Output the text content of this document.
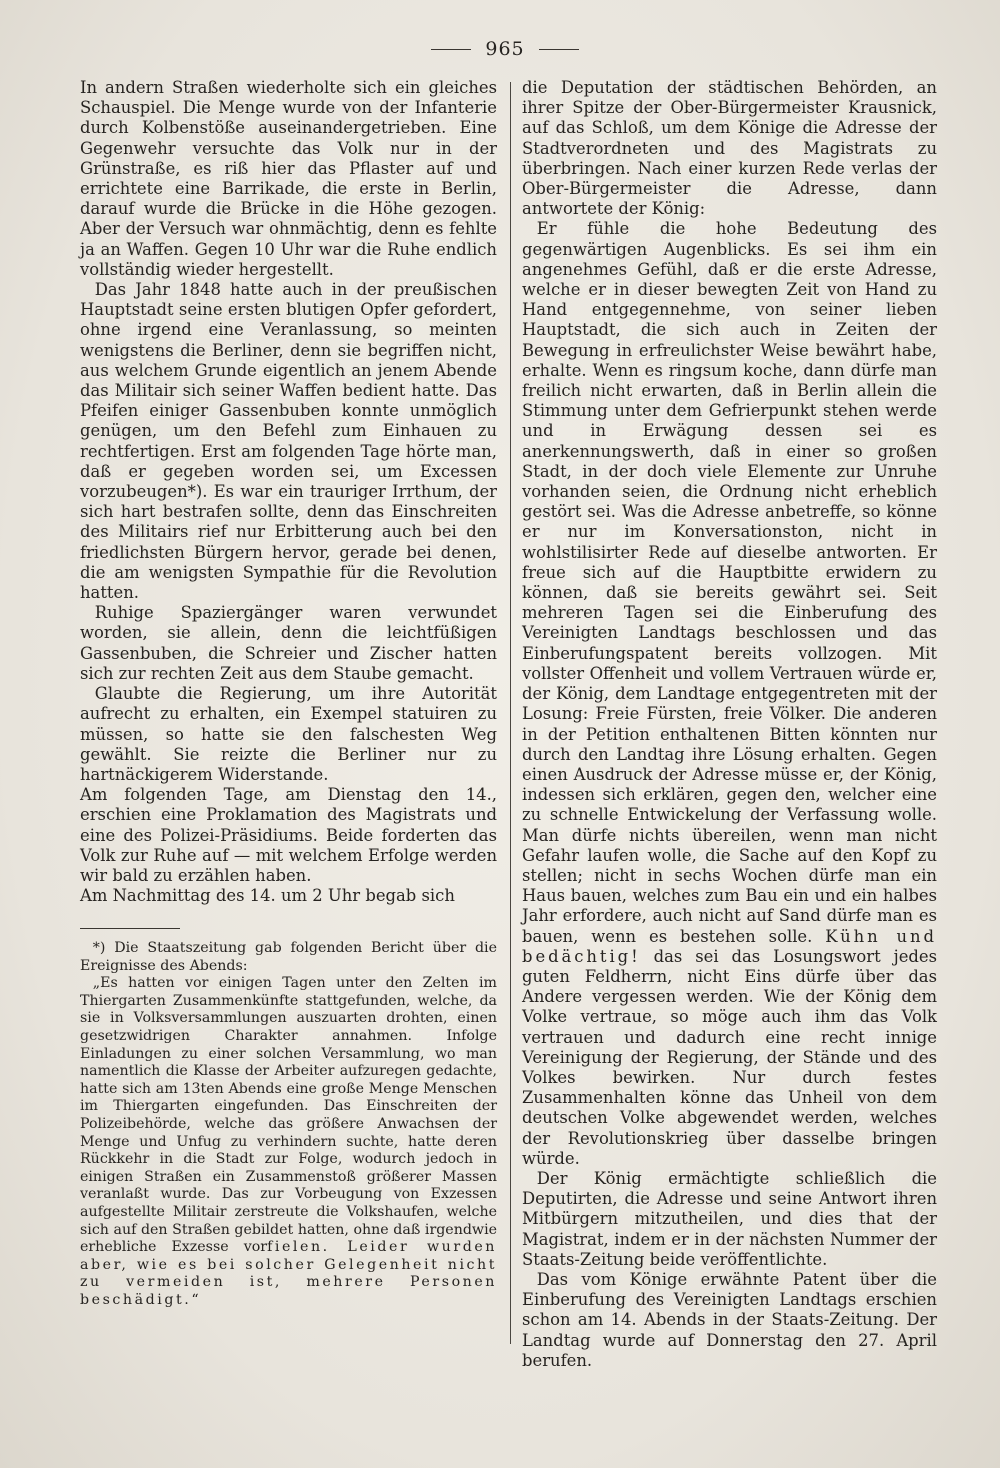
965

In andern Straßen wiederholte sich ein gleiches Schauspiel. Die Menge wurde von der Infanterie durch Kolbenstöße auseinandergetrieben. Eine Gegenwehr versuchte das Volk nur in der Grünstraße, es riß hier das Pflaster auf und errichtete eine Barrikade, die erste in Berlin, darauf wurde die Brücke in die Höhe gezogen. Aber der Versuch war ohnmächtig, denn es fehlte ja an Waffen. Gegen 10 Uhr war die Ruhe endlich vollständig wieder hergestellt.

Das Jahr 1848 hatte auch in der preußischen Hauptstadt seine ersten blutigen Opfer gefordert, ohne irgend eine Veranlassung, so meinten wenigstens die Berliner, denn sie begriffen nicht, aus welchem Grunde eigentlich an jenem Abende das Militair sich seiner Waffen bedient hatte. Das Pfeifen einiger Gassenbuben konnte unmöglich genügen, um den Befehl zum Einhauen zu rechtfertigen. Erst am folgenden Tage hörte man, daß er gegeben worden sei, um Excessen vorzubeugen*). Es war ein trauriger Irrthum, der sich hart bestrafen sollte, denn das Einschreiten des Militairs rief nur Erbitterung auch bei den friedlichsten Bürgern hervor, gerade bei denen, die am wenigsten Sympathie für die Revolution hatten.

Ruhige Spaziergänger waren verwundet worden, sie allein, denn die leichtfüßigen Gassenbuben, die Schreier und Zischer hatten sich zur rechten Zeit aus dem Staube gemacht.

Glaubte die Regierung, um ihre Autorität aufrecht zu erhalten, ein Exempel statuiren zu müssen, so hatte sie den falschesten Weg gewählt. Sie reizte die Berliner nur zu hartnäckigerem Widerstande.

Am folgenden Tage, am Dienstag den 14., erschien eine Proklamation des Magistrats und eine des Polizei-Präsidiums. Beide forderten das Volk zur Ruhe auf — mit welchem Erfolge werden wir bald zu erzählen haben.

Am Nachmittag des 14. um 2 Uhr begab sich

*) Die Staatszeitung gab folgenden Bericht über die Ereignisse des Abends:

„Es hatten vor einigen Tagen unter den Zelten im Thiergarten Zusammenkünfte stattgefunden, welche, da sie in Volksversammlungen auszuarten drohten, einen gesetzwidrigen Charakter annahmen. Infolge Einladungen zu einer solchen Versammlung, wo man namentlich die Klasse der Arbeiter aufzuregen gedachte, hatte sich am 13ten Abends eine große Menge Menschen im Thiergarten eingefunden. Das Einschreiten der Polizeibehörde, welche das größere Anwachsen der Menge und Unfug zu verhindern suchte, hatte deren Rückkehr in die Stadt zur Folge, wodurch jedoch in einigen Straßen ein Zusammenstoß größerer Massen veranlaßt wurde. Das zur Vorbeugung von Exzessen aufgestellte Militair zerstreute die Volkshaufen, welche sich auf den Straßen gebildet hatten, ohne daß irgendwie erhebliche Exzesse vorfielen. Leider wurden aber, wie es bei solcher Gelegenheit nicht zu vermeiden ist, mehrere Personen beschädigt.“

die Deputation der städtischen Behörden, an ihrer Spitze der Ober-Bürgermeister Krausnick, auf das Schloß, um dem Könige die Adresse der Stadtverordneten und des Magistrats zu überbringen. Nach einer kurzen Rede verlas der Ober-Bürgermeister die Adresse, dann antwortete der König:

Er fühle die hohe Bedeutung des gegenwärtigen Augenblicks. Es sei ihm ein angenehmes Gefühl, daß er die erste Adresse, welche er in dieser bewegten Zeit von Hand zu Hand entgegennehme, von seiner lieben Hauptstadt, die sich auch in Zeiten der Bewegung in erfreulichster Weise bewährt habe, erhalte. Wenn es ringsum koche, dann dürfe man freilich nicht erwarten, daß in Berlin allein die Stimmung unter dem Gefrierpunkt stehen werde und in Erwägung dessen sei es anerkennungswerth, daß in einer so großen Stadt, in der doch viele Elemente zur Unruhe vorhanden seien, die Ordnung nicht erheblich gestört sei. Was die Adresse anbetreffe, so könne er nur im Konversationston, nicht in wohlstilisirter Rede auf dieselbe antworten. Er freue sich auf die Hauptbitte erwidern zu können, daß sie bereits gewährt sei. Seit mehreren Tagen sei die Einberufung des Vereinigten Landtags beschlossen und das Einberufungspatent bereits vollzogen. Mit vollster Offenheit und vollem Vertrauen würde er, der König, dem Landtage entgegentreten mit der Losung: Freie Fürsten, freie Völker. Die anderen in der Petition enthaltenen Bitten könnten nur durch den Landtag ihre Lösung erhalten. Gegen einen Ausdruck der Adresse müsse er, der König, indessen sich erklären, gegen den, welcher eine zu schnelle Entwickelung der Verfassung wolle. Man dürfe nichts übereilen, wenn man nicht Gefahr laufen wolle, die Sache auf den Kopf zu stellen; nicht in sechs Wochen dürfe man ein Haus bauen, welches zum Bau ein und ein halbes Jahr erfordere, auch nicht auf Sand dürfe man es bauen, wenn es bestehen solle. Kühn und bedächtig! das sei das Losungswort jedes guten Feldherrn, nicht Eins dürfe über das Andere vergessen werden. Wie der König dem Volke vertraue, so möge auch ihm das Volk vertrauen und dadurch eine recht innige Vereinigung der Regierung, der Stände und des Volkes bewirken. Nur durch festes Zusammenhalten könne das Unheil von dem deutschen Volke abgewendet werden, welches der Revolutionskrieg über dasselbe bringen würde.

Der König ermächtigte schließlich die Deputirten, die Adresse und seine Antwort ihren Mitbürgern mitzutheilen, und dies that der Magistrat, indem er in der nächsten Nummer der Staats-Zeitung beide veröffentlichte.

Das vom Könige erwähnte Patent über die Einberufung des Vereinigten Landtags erschien schon am 14. Abends in der Staats-Zeitung. Der Landtag wurde auf Donnerstag den 27. April berufen.
